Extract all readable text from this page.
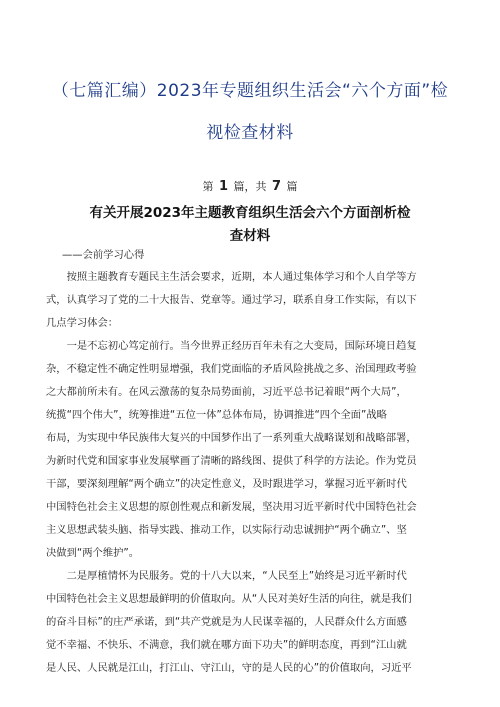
（七篇汇编）2023年专题组织生活会“六个方面”检
视检查材料
第 1 篇，共 7 篇
有关开展2023年主题教育组织生活会六个方面剖析检
查材料
——会前学习心得
　　按照主题教育专题民主生活会要求，近期，本人通过集体学习和个人自学等方
式，认真学习了党的二十大报告、党章等。通过学习，联系自身工作实际，有以下
几点学习体会：
　　一是不忘初心笃定前行。当今世界正经历百年未有之大变局，国际环境日趋复
杂，不稳定性不确定性明显增强，我们党面临的矛盾风险挑战之多、治国理政考验
之大都前所未有。在风云激荡的复杂局势面前，习近平总书记着眼“两个大局”，
统揽“四个伟大”，统筹推进“五位一体”总体布局，协调推进“四个全面”战略
布局，为实现中华民族伟大复兴的中国梦作出了一系列重大战略谋划和战略部署，
为新时代党和国家事业发展擘画了清晰的路线图、提供了科学的方法论。作为党员
干部，要深刻理解“两个确立”的决定性意义，及时跟进学习，掌握习近平新时代
中国特色社会主义思想的原创性观点和新发展，坚决用习近平新时代中国特色社会
主义思想武装头脑、指导实践、推动工作，以实际行动忠诚拥护“两个确立”、坚
决做到“两个维护”。
　　二是厚植情怀为民服务。党的十八大以来，“人民至上”始终是习近平新时代
中国特色社会主义思想最鲜明的价值取向。从“人民对美好生活的向往，就是我们
的奋斗目标”的庄严承诺，到“共产党就是为人民谋幸福的，人民群众什么方面感
觉不幸福、不快乐、不满意，我们就在哪方面下功夫”的鲜明态度，再到“江山就
是人民、人民就是江山，打江山、守江山，守的是人民的心”的价值取向，习近平
